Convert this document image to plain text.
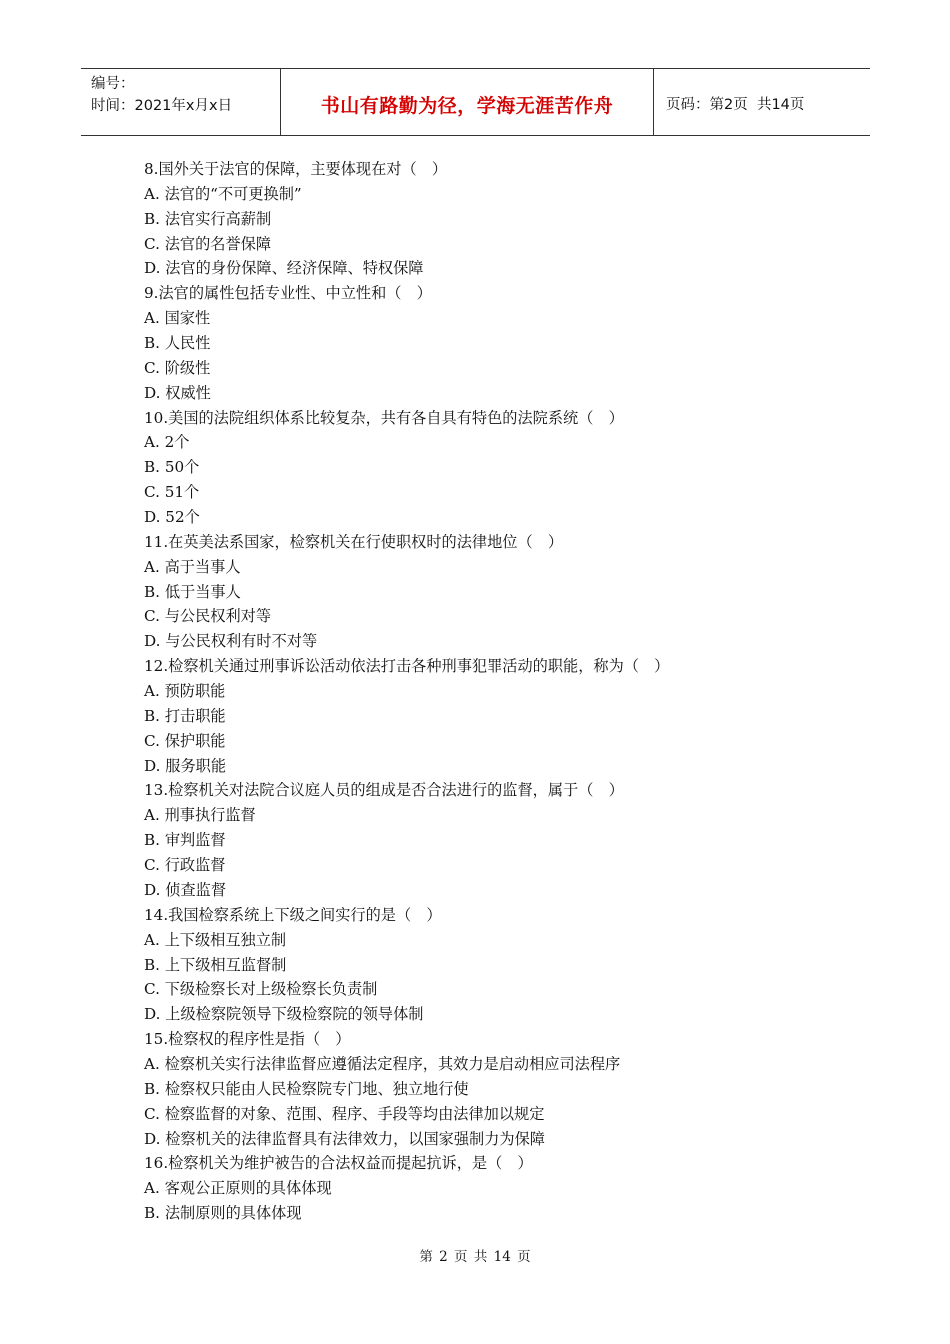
编号：
时间：2021年x月x日	书山有路勤为径，学海无涯苦作舟	页码：第2页  共14页
8.国外关于法官的保障，主要体现在对（　）
A. 法官的“不可更换制”
B. 法官实行高薪制
C. 法官的名誉保障
D. 法官的身份保障、经济保障、特权保障
9.法官的属性包括专业性、中立性和（　）
A. 国家性
B. 人民性
C. 阶级性
D. 权威性
10.美国的法院组织体系比较复杂，共有各自具有特色的法院系统（　）
A. 2个
B. 50个
C. 51个
D. 52个
11.在英美法系国家，检察机关在行使职权时的法律地位（　）
A. 高于当事人
B. 低于当事人
C. 与公民权利对等
D. 与公民权利有时不对等
12.检察机关通过刑事诉讼活动依法打击各种刑事犯罪活动的职能，称为（　）
A. 预防职能
B. 打击职能
C. 保护职能
D. 服务职能
13.检察机关对法院合议庭人员的组成是否合法进行的监督，属于（　）
A. 刑事执行监督
B. 审判监督
C. 行政监督
D. 侦查监督
14.我国检察系统上下级之间实行的是（　）
A. 上下级相互独立制
B. 上下级相互监督制
C. 下级检察长对上级检察长负责制
D. 上级检察院领导下级检察院的领导体制
15.检察权的程序性是指（　）
A. 检察机关实行法律监督应遵循法定程序，其效力是启动相应司法程序
B. 检察权只能由人民检察院专门地、独立地行使
C. 检察监督的对象、范围、程序、手段等均由法律加以规定
D. 检察机关的法律监督具有法律效力，以国家强制力为保障
16.检察机关为维护被告的合法权益而提起抗诉，是（　）
A. 客观公正原则的具体体现
B. 法制原则的具体体现
第 2 页 共 14 页
